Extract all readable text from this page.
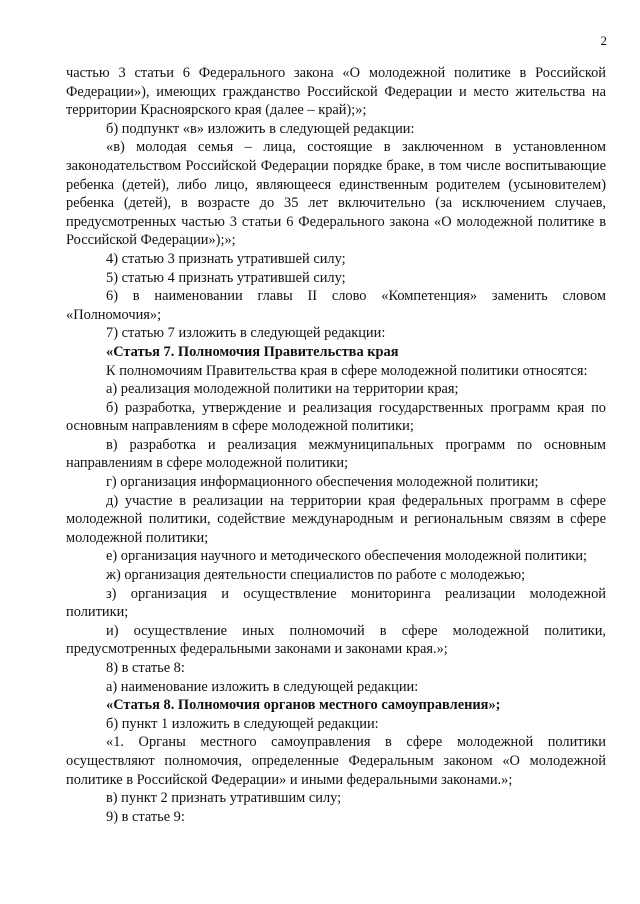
2

частью 3 статьи 6 Федерального закона «О молодежной политике в Российской Федерации»), имеющих гражданство Российской Федерации и место жительства на территории Красноярского края (далее – край);»;

б) подпункт «в» изложить в следующей редакции:

«в) молодая семья – лица, состоящие в заключенном в установленном законодательством Российской Федерации порядке браке, в том числе воспитывающие ребенка (детей), либо лицо, являющееся единственным родителем (усыновителем) ребенка (детей), в возрасте до 35 лет включительно (за исключением случаев, предусмотренных частью 3 статьи 6 Федерального закона «О молодежной политике в Российской Федерации»);»;

4) статью 3 признать утратившей силу;

5) статью 4 признать утратившей силу;

6) в наименовании главы II слово «Компетенция» заменить словом «Полномочия»;

7) статью 7 изложить в следующей редакции:

«Статья 7. Полномочия Правительства края

К полномочиям Правительства края в сфере молодежной политики относятся:

а) реализация молодежной политики на территории края;

б) разработка, утверждение и реализация государственных программ края по основным направлениям в сфере молодежной политики;

в) разработка и реализация межмуниципальных программ по основным направлениям в сфере молодежной политики;

г) организация информационного обеспечения молодежной политики;

д) участие в реализации на территории края федеральных программ в сфере молодежной политики, содействие международным и региональным связям в сфере молодежной политики;

е) организация научного и методического обеспечения молодежной политики;

ж) организация деятельности специалистов по работе с молодежью;

з) организация и осуществление мониторинга реализации молодежной политики;

и) осуществление иных полномочий в сфере молодежной политики, предусмотренных федеральными законами и законами края.»;

8) в статье 8:

а) наименование изложить в следующей редакции:

«Статья 8. Полномочия органов местного самоуправления»;

б) пункт 1 изложить в следующей редакции:

«1. Органы местного самоуправления в сфере молодежной политики осуществляют полномочия, определенные Федеральным законом «О молодежной политике в Российской Федерации» и иными федеральными законами.»;

в) пункт 2 признать утратившим силу;

9) в статье 9:
